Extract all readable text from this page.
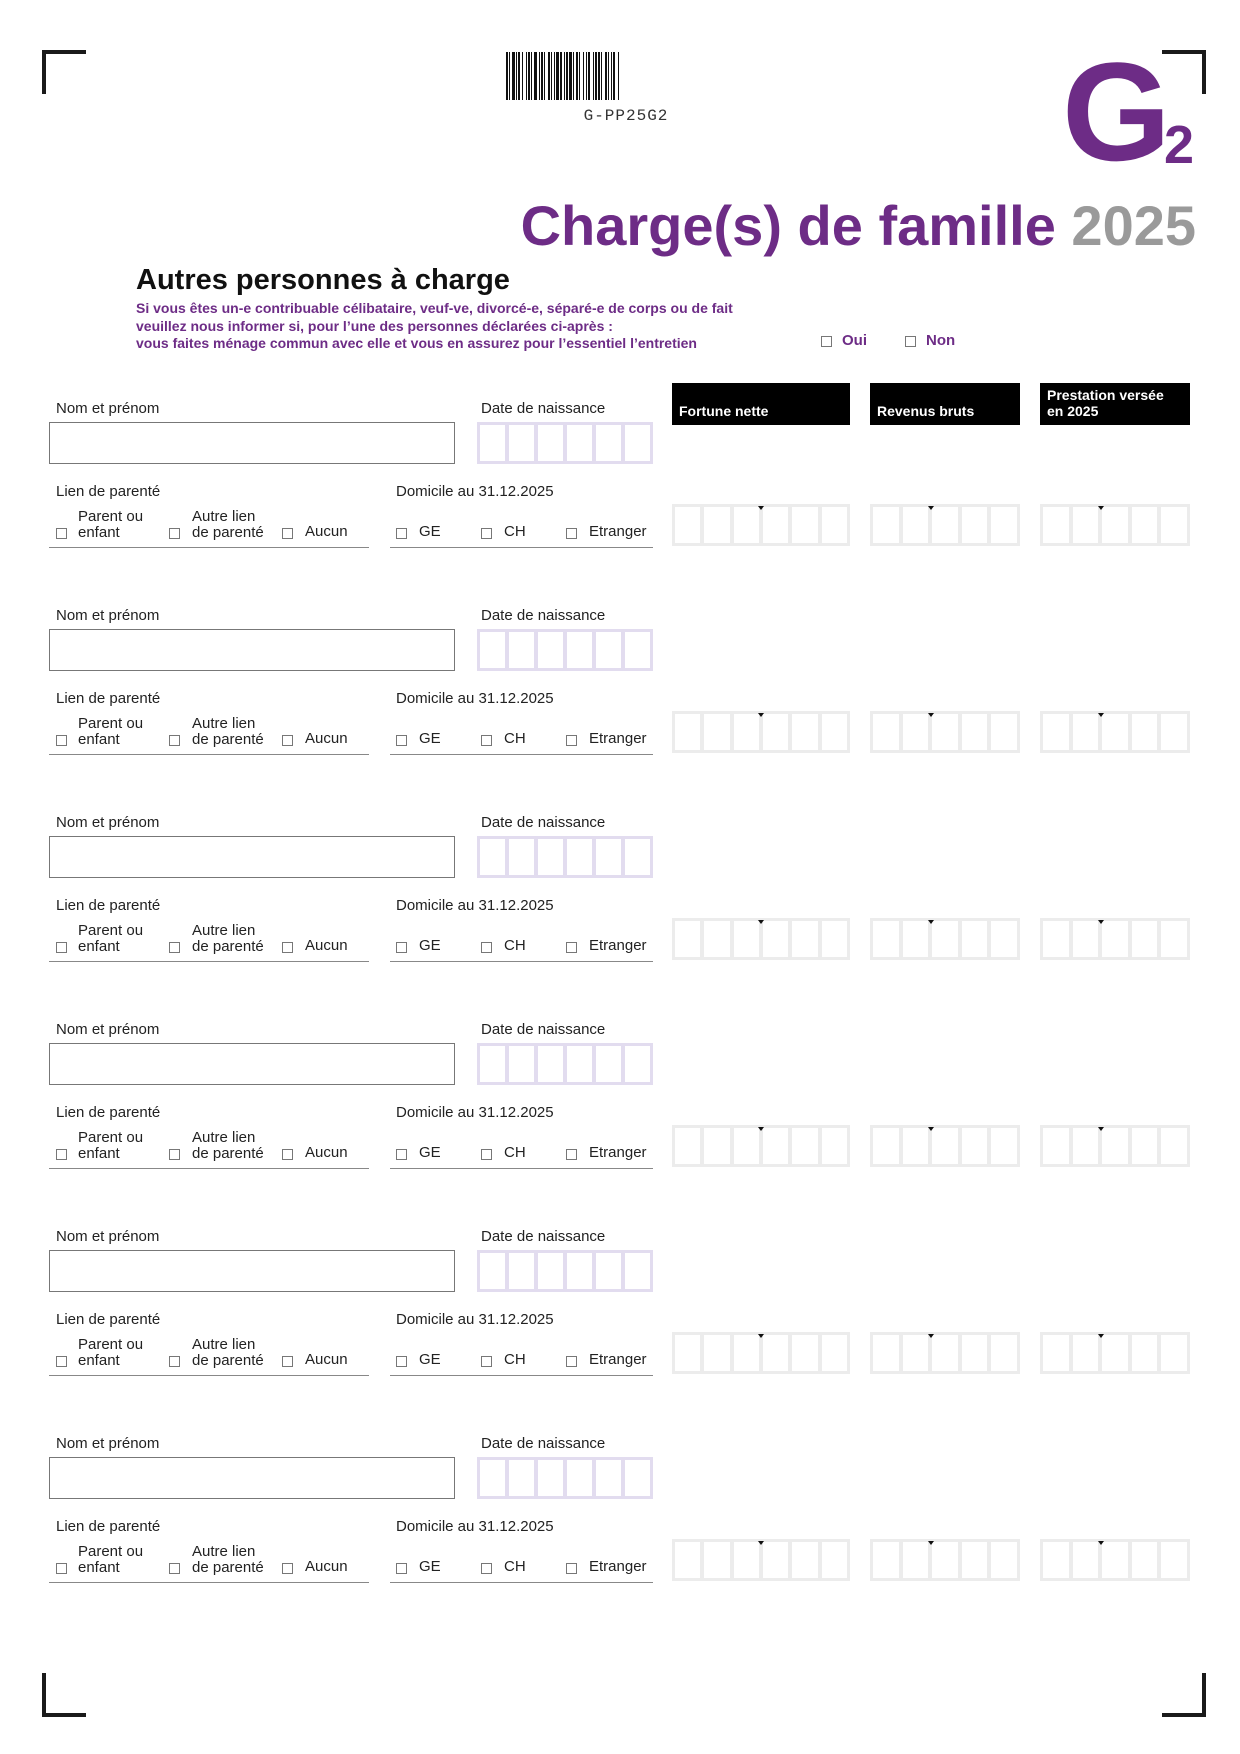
G-PP25G2	G
2
Charge(s) de famille 2025
Autres personnes à charge
Si vous êtes un-e contribuable célibataire, veuf-ve, divorcé-e, séparé-e de corps ou de fait
veuillez nous informer si, pour l’une des personnes déclarées ci-après :
vous faites ménage commun avec elle et vous en assurez pour l’essentiel l’entretien	Oui	Non
Fortune nette	Revenus bruts
Prestation versée en 2025
Nom et prénom	Date de naissance
Lien de parenté	Domicile au 31.12.2025
Parent ou enfant
Autre lien de parenté	Aucun	GE	CH	Etranger
Nom et prénom	Date de naissance
Lien de parenté	Domicile au 31.12.2025
Parent ou enfant
Autre lien de parenté	Aucun	GE	CH	Etranger
Nom et prénom	Date de naissance
Lien de parenté	Domicile au 31.12.2025
Parent ou enfant
Autre lien de parenté	Aucun	GE	CH	Etranger
Nom et prénom	Date de naissance
Lien de parenté	Domicile au 31.12.2025
Parent ou enfant
Autre lien de parenté	Aucun	GE	CH	Etranger
Nom et prénom	Date de naissance
Lien de parenté	Domicile au 31.12.2025
Parent ou enfant
Autre lien de parenté	Aucun	GE	CH	Etranger
Nom et prénom	Date de naissance
Lien de parenté	Domicile au 31.12.2025
Parent ou enfant
Autre lien de parenté	Aucun	GE	CH	Etranger
